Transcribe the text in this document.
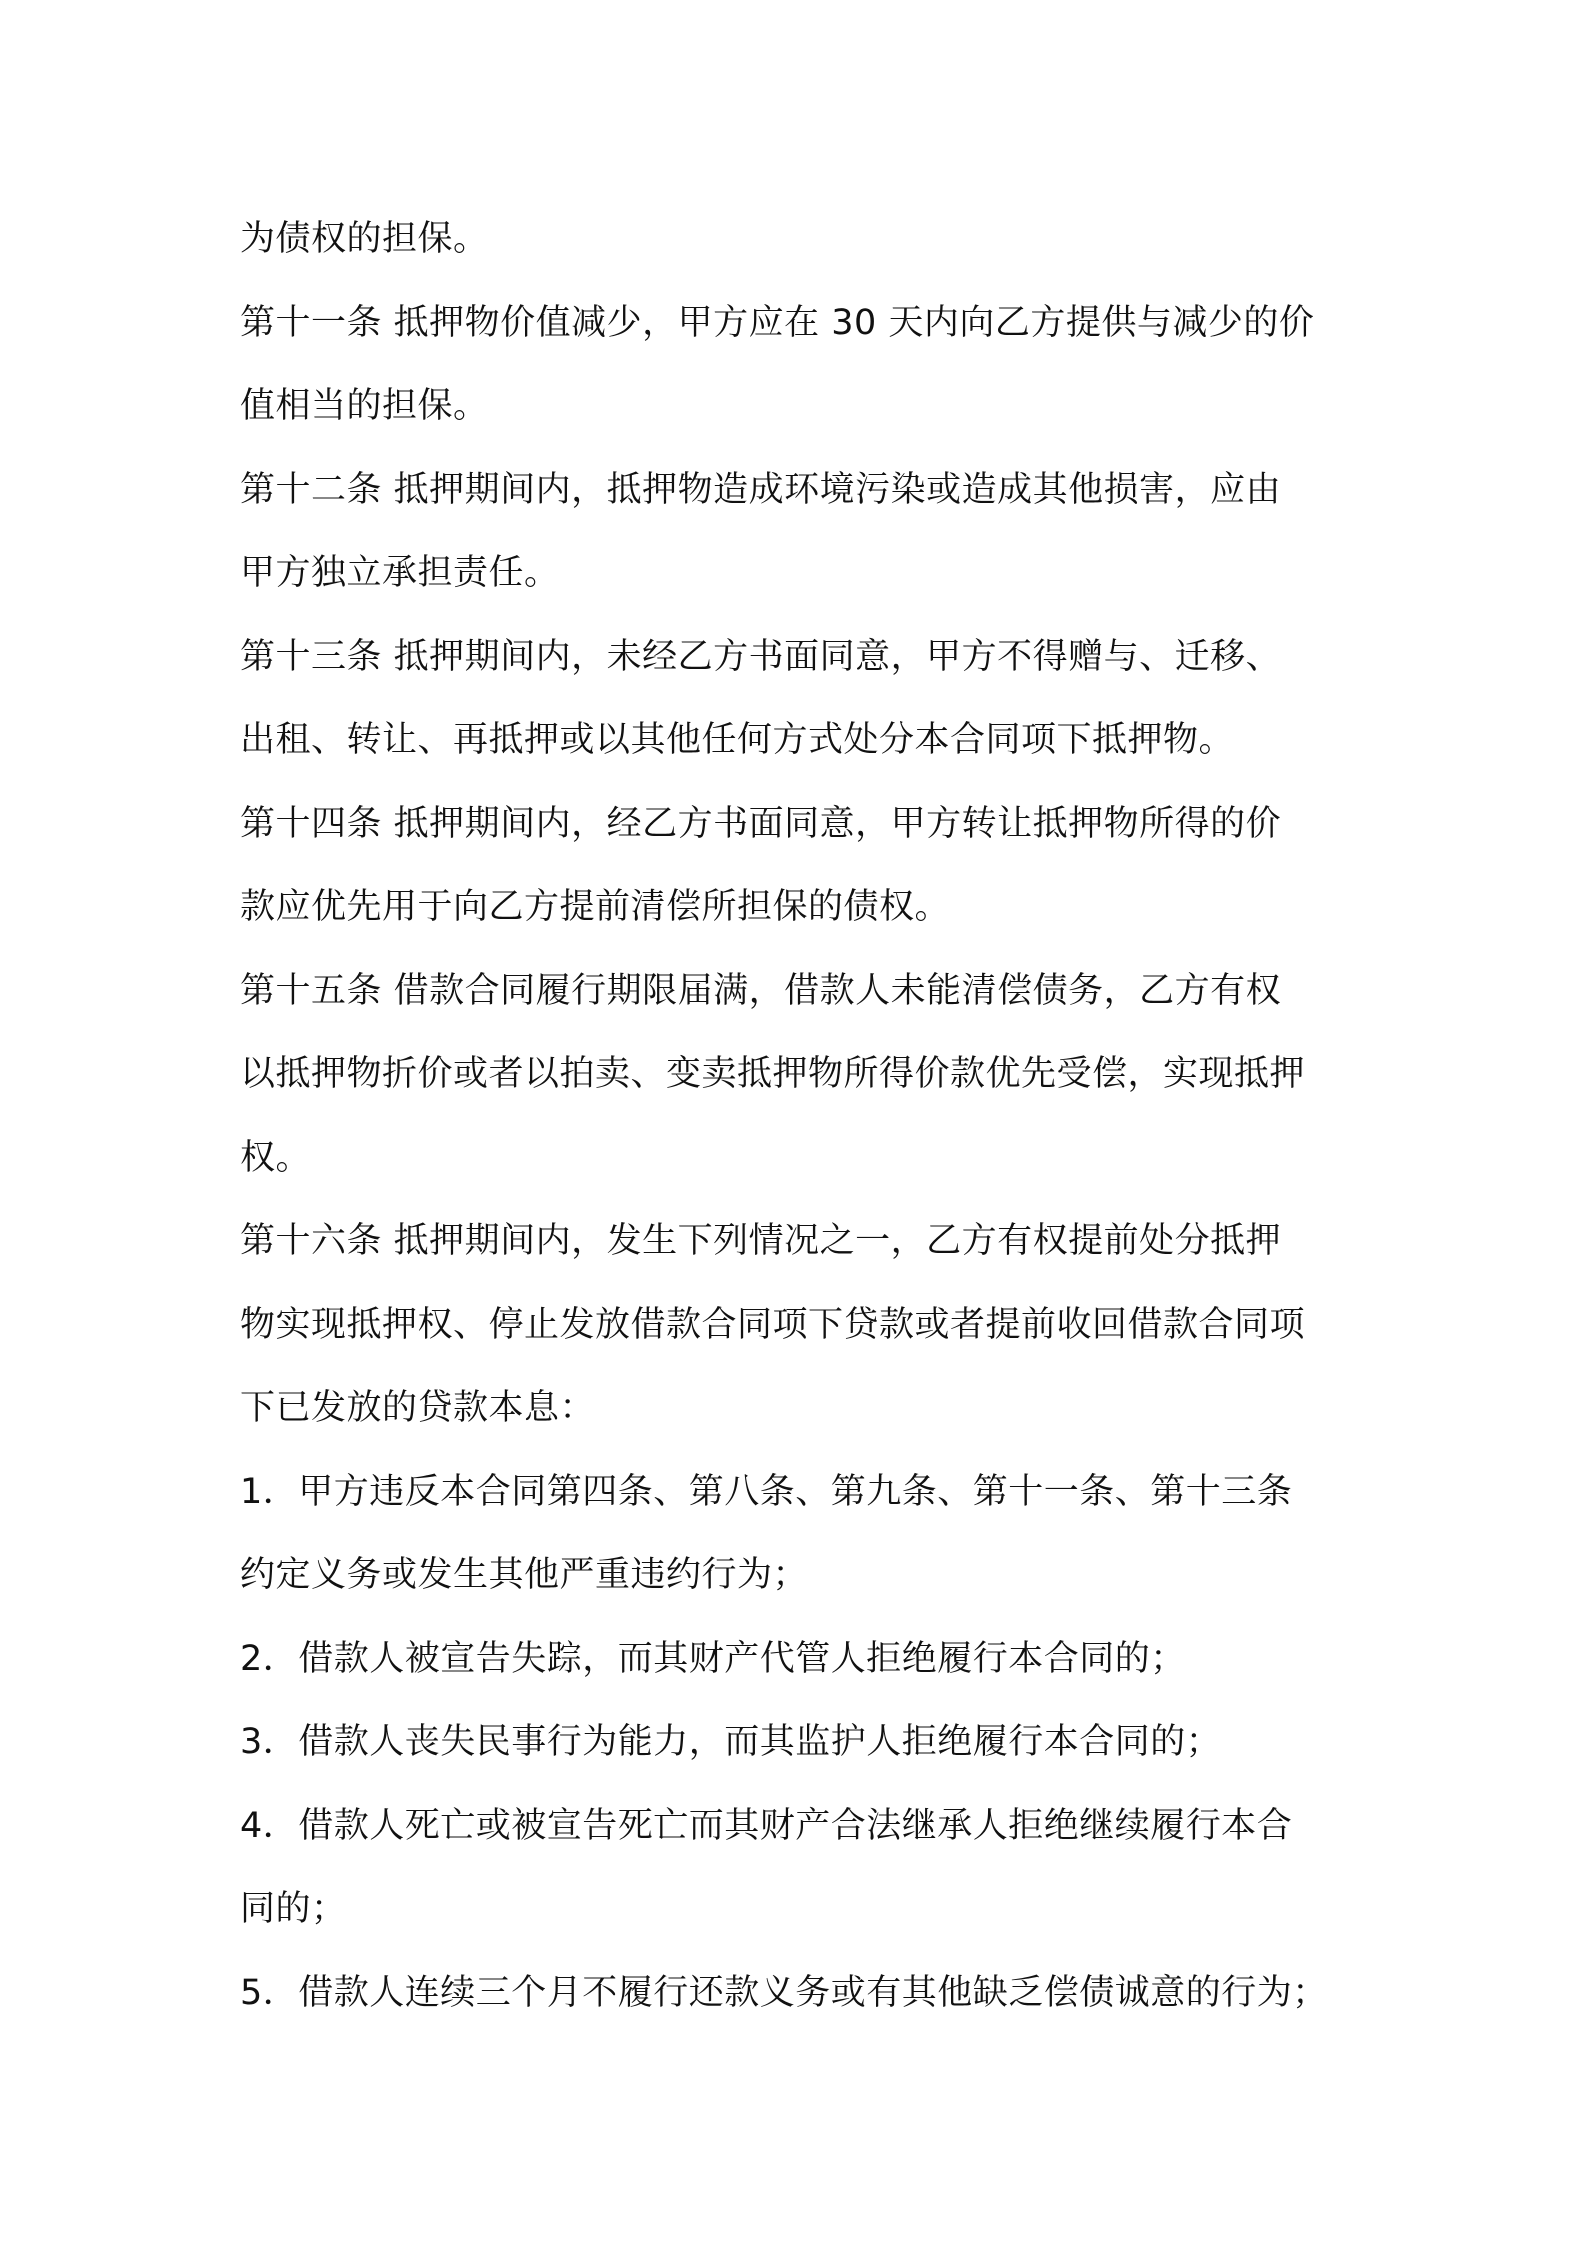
为债权的担保。
第十一条 抵押物价值减少，甲方应在 30 天内向乙方提供与减少的价
值相当的担保。
第十二条 抵押期间内，抵押物造成环境污染或造成其他损害，应由
甲方独立承担责任。
第十三条 抵押期间内，未经乙方书面同意，甲方不得赠与、迁移、
出租、转让、再抵押或以其他任何方式处分本合同项下抵押物。
第十四条 抵押期间内，经乙方书面同意，甲方转让抵押物所得的价
款应优先用于向乙方提前清偿所担保的债权。
第十五条 借款合同履行期限届满，借款人未能清偿债务，乙方有权
以抵押物折价或者以拍卖、变卖抵押物所得价款优先受偿，实现抵押
权。
第十六条 抵押期间内，发生下列情况之一，乙方有权提前处分抵押
物实现抵押权、停止发放借款合同项下贷款或者提前收回借款合同项
下已发放的贷款本息：
1．甲方违反本合同第四条、第八条、第九条、第十一条、第十三条
约定义务或发生其他严重违约行为；
2．借款人被宣告失踪，而其财产代管人拒绝履行本合同的；
3．借款人丧失民事行为能力，而其监护人拒绝履行本合同的；
4．借款人死亡或被宣告死亡而其财产合法继承人拒绝继续履行本合
同的；
5．借款人连续三个月不履行还款义务或有其他缺乏偿债诚意的行为；
